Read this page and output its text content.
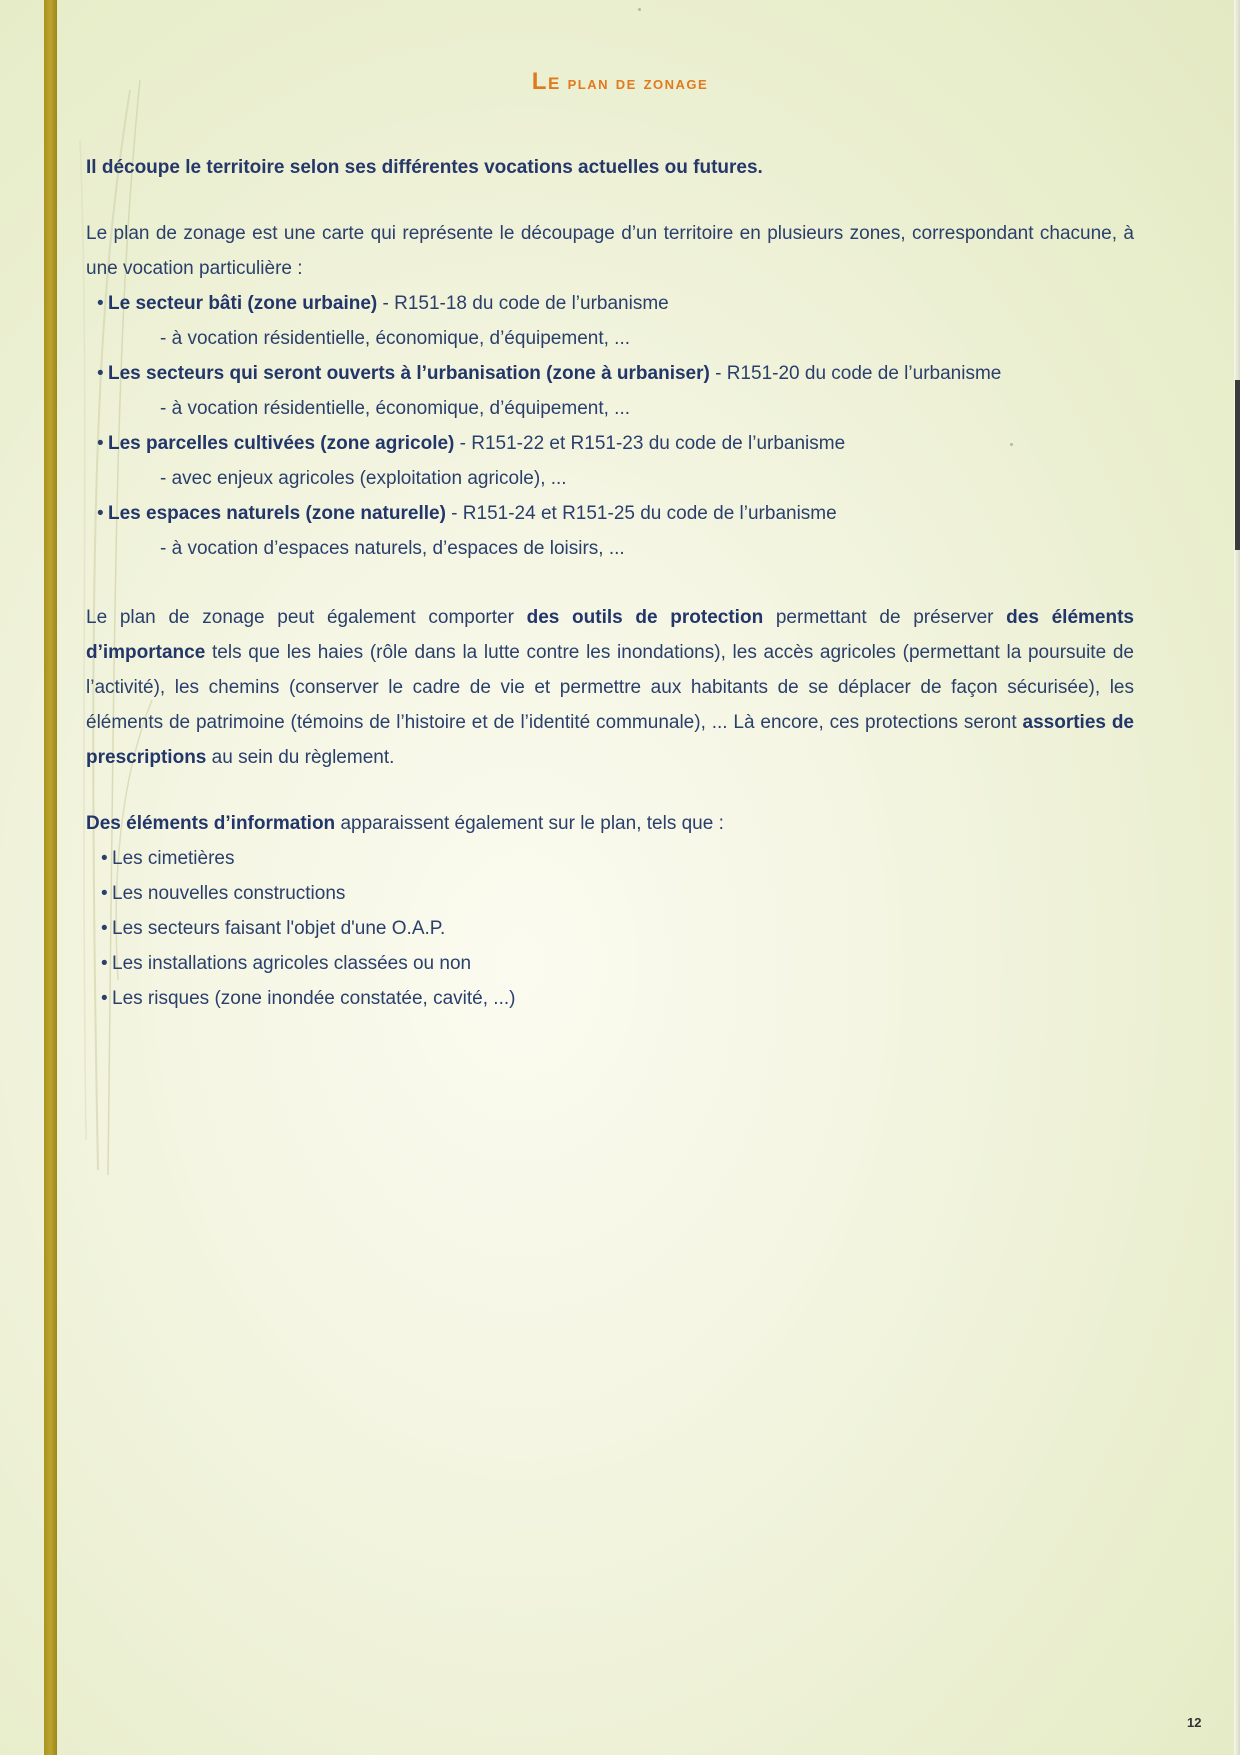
Le plan de zonage

Il découpe le territoire selon ses différentes vocations actuelles ou futures.

Le plan de zonage est une carte qui représente le découpage d’un territoire en plusieurs zones, correspondant chacune, à une vocation particulière :

• Le secteur bâti (zone urbaine) - R151-18 du code de l’urbanisme
- à vocation résidentielle, économique, d’équipement, ...
• Les secteurs qui seront ouverts à l’urbanisation (zone à urbaniser) - R151-20 du code de l’urbanisme
- à vocation résidentielle, économique, d’équipement, ...
• Les parcelles cultivées (zone agricole) - R151-22 et R151-23 du code de l’urbanisme
- avec enjeux agricoles (exploitation agricole), ...
• Les espaces naturels (zone naturelle) - R151-24 et R151-25 du code de l’urbanisme
- à vocation d’espaces naturels, d’espaces de loisirs, ...

Le plan de zonage peut également comporter des outils de protection permettant de préserver des éléments d’importance tels que les haies (rôle dans la lutte contre les inondations), les accès agricoles (permettant la poursuite de l’activité), les chemins (conserver le cadre de vie et permettre aux habitants de se déplacer de façon sécurisée), les éléments de patrimoine (témoins de l’histoire et de l’identité communale), ... Là encore, ces protections seront assorties de prescriptions au sein du règlement.

Des éléments d’information apparaissent également sur le plan, tels que :

• Les cimetières
• Les nouvelles constructions
• Les secteurs faisant l'objet d'une O.A.P.
• Les installations agricoles classées ou non
• Les risques (zone inondée constatée, cavité, ...)
12
